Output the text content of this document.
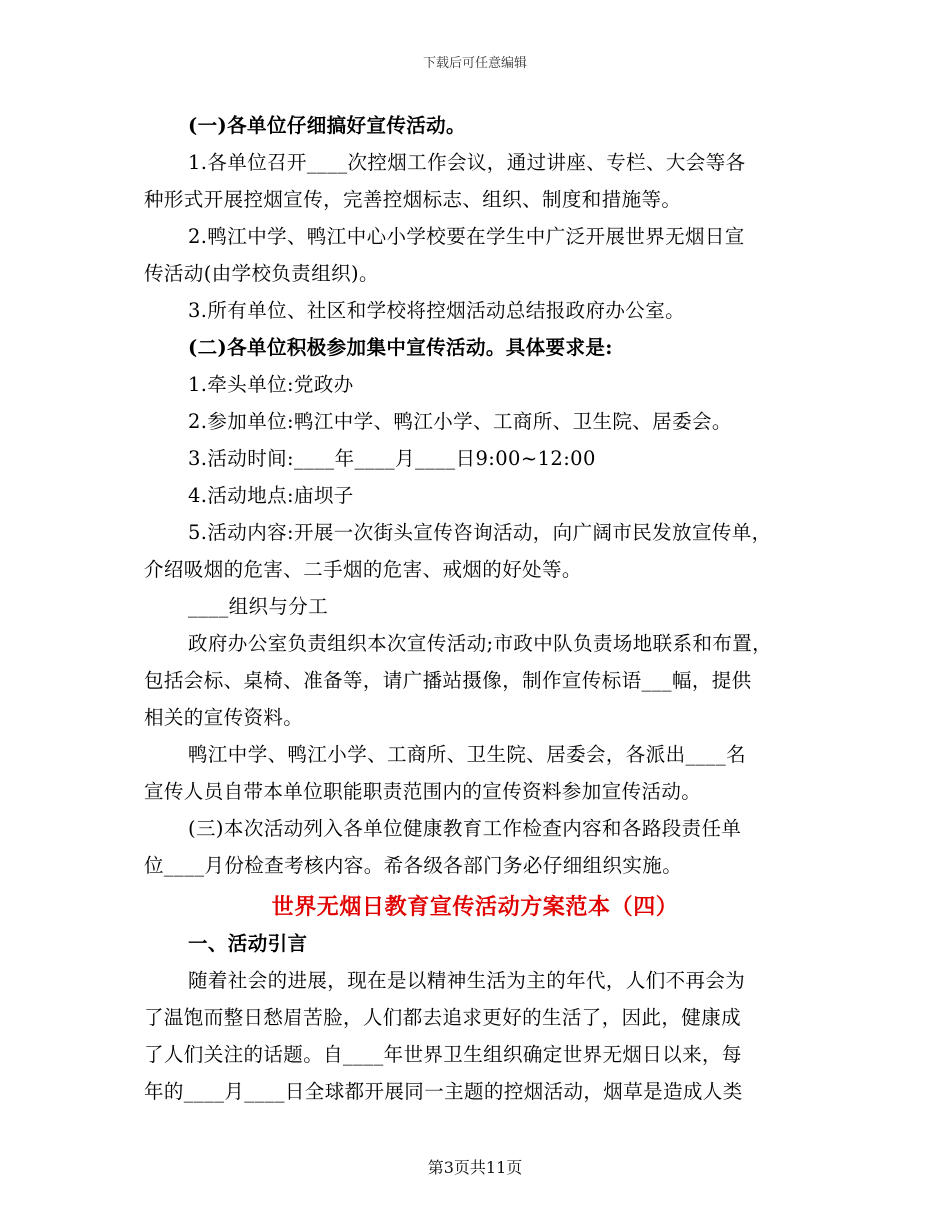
下载后可任意编辑
(一)各单位仔细搞好宣传活动。
1.各单位召开____次控烟工作会议，通过讲座、专栏、大会等各
种形式开展控烟宣传，完善控烟标志、组织、制度和措施等。
2.鸭江中学、鸭江中心小学校要在学生中广泛开展世界无烟日宣
传活动(由学校负责组织)。
3.所有单位、社区和学校将控烟活动总结报政府办公室。
(二)各单位积极参加集中宣传活动。具体要求是:
1.牵头单位:党政办
2.参加单位:鸭江中学、鸭江小学、工商所、卫生院、居委会。
3.活动时间:____年____月____日9:00~12:00
4.活动地点:庙坝子
5.活动内容:开展一次街头宣传咨询活动，向广阔市民发放宣传单，
介绍吸烟的危害、二手烟的危害、戒烟的好处等。
____组织与分工
政府办公室负责组织本次宣传活动;市政中队负责场地联系和布置，
包括会标、桌椅、准备等，请广播站摄像，制作宣传标语___幅，提供
相关的宣传资料。
鸭江中学、鸭江小学、工商所、卫生院、居委会，各派出____名
宣传人员自带本单位职能职责范围内的宣传资料参加宣传活动。
(三)本次活动列入各单位健康教育工作检查内容和各路段责任单
位____月份检查考核内容。希各级各部门务必仔细组织实施。
世界无烟日教育宣传活动方案范本（四）
一、活动引言
随着社会的进展，现在是以精神生活为主的年代，人们不再会为
了温饱而整日愁眉苦脸，人们都去追求更好的生活了，因此，健康成
了人们关注的话题。自____年世界卫生组织确定世界无烟日以来，每
年的____月____日全球都开展同一主题的控烟活动，烟草是造成人类
第3页共11页
